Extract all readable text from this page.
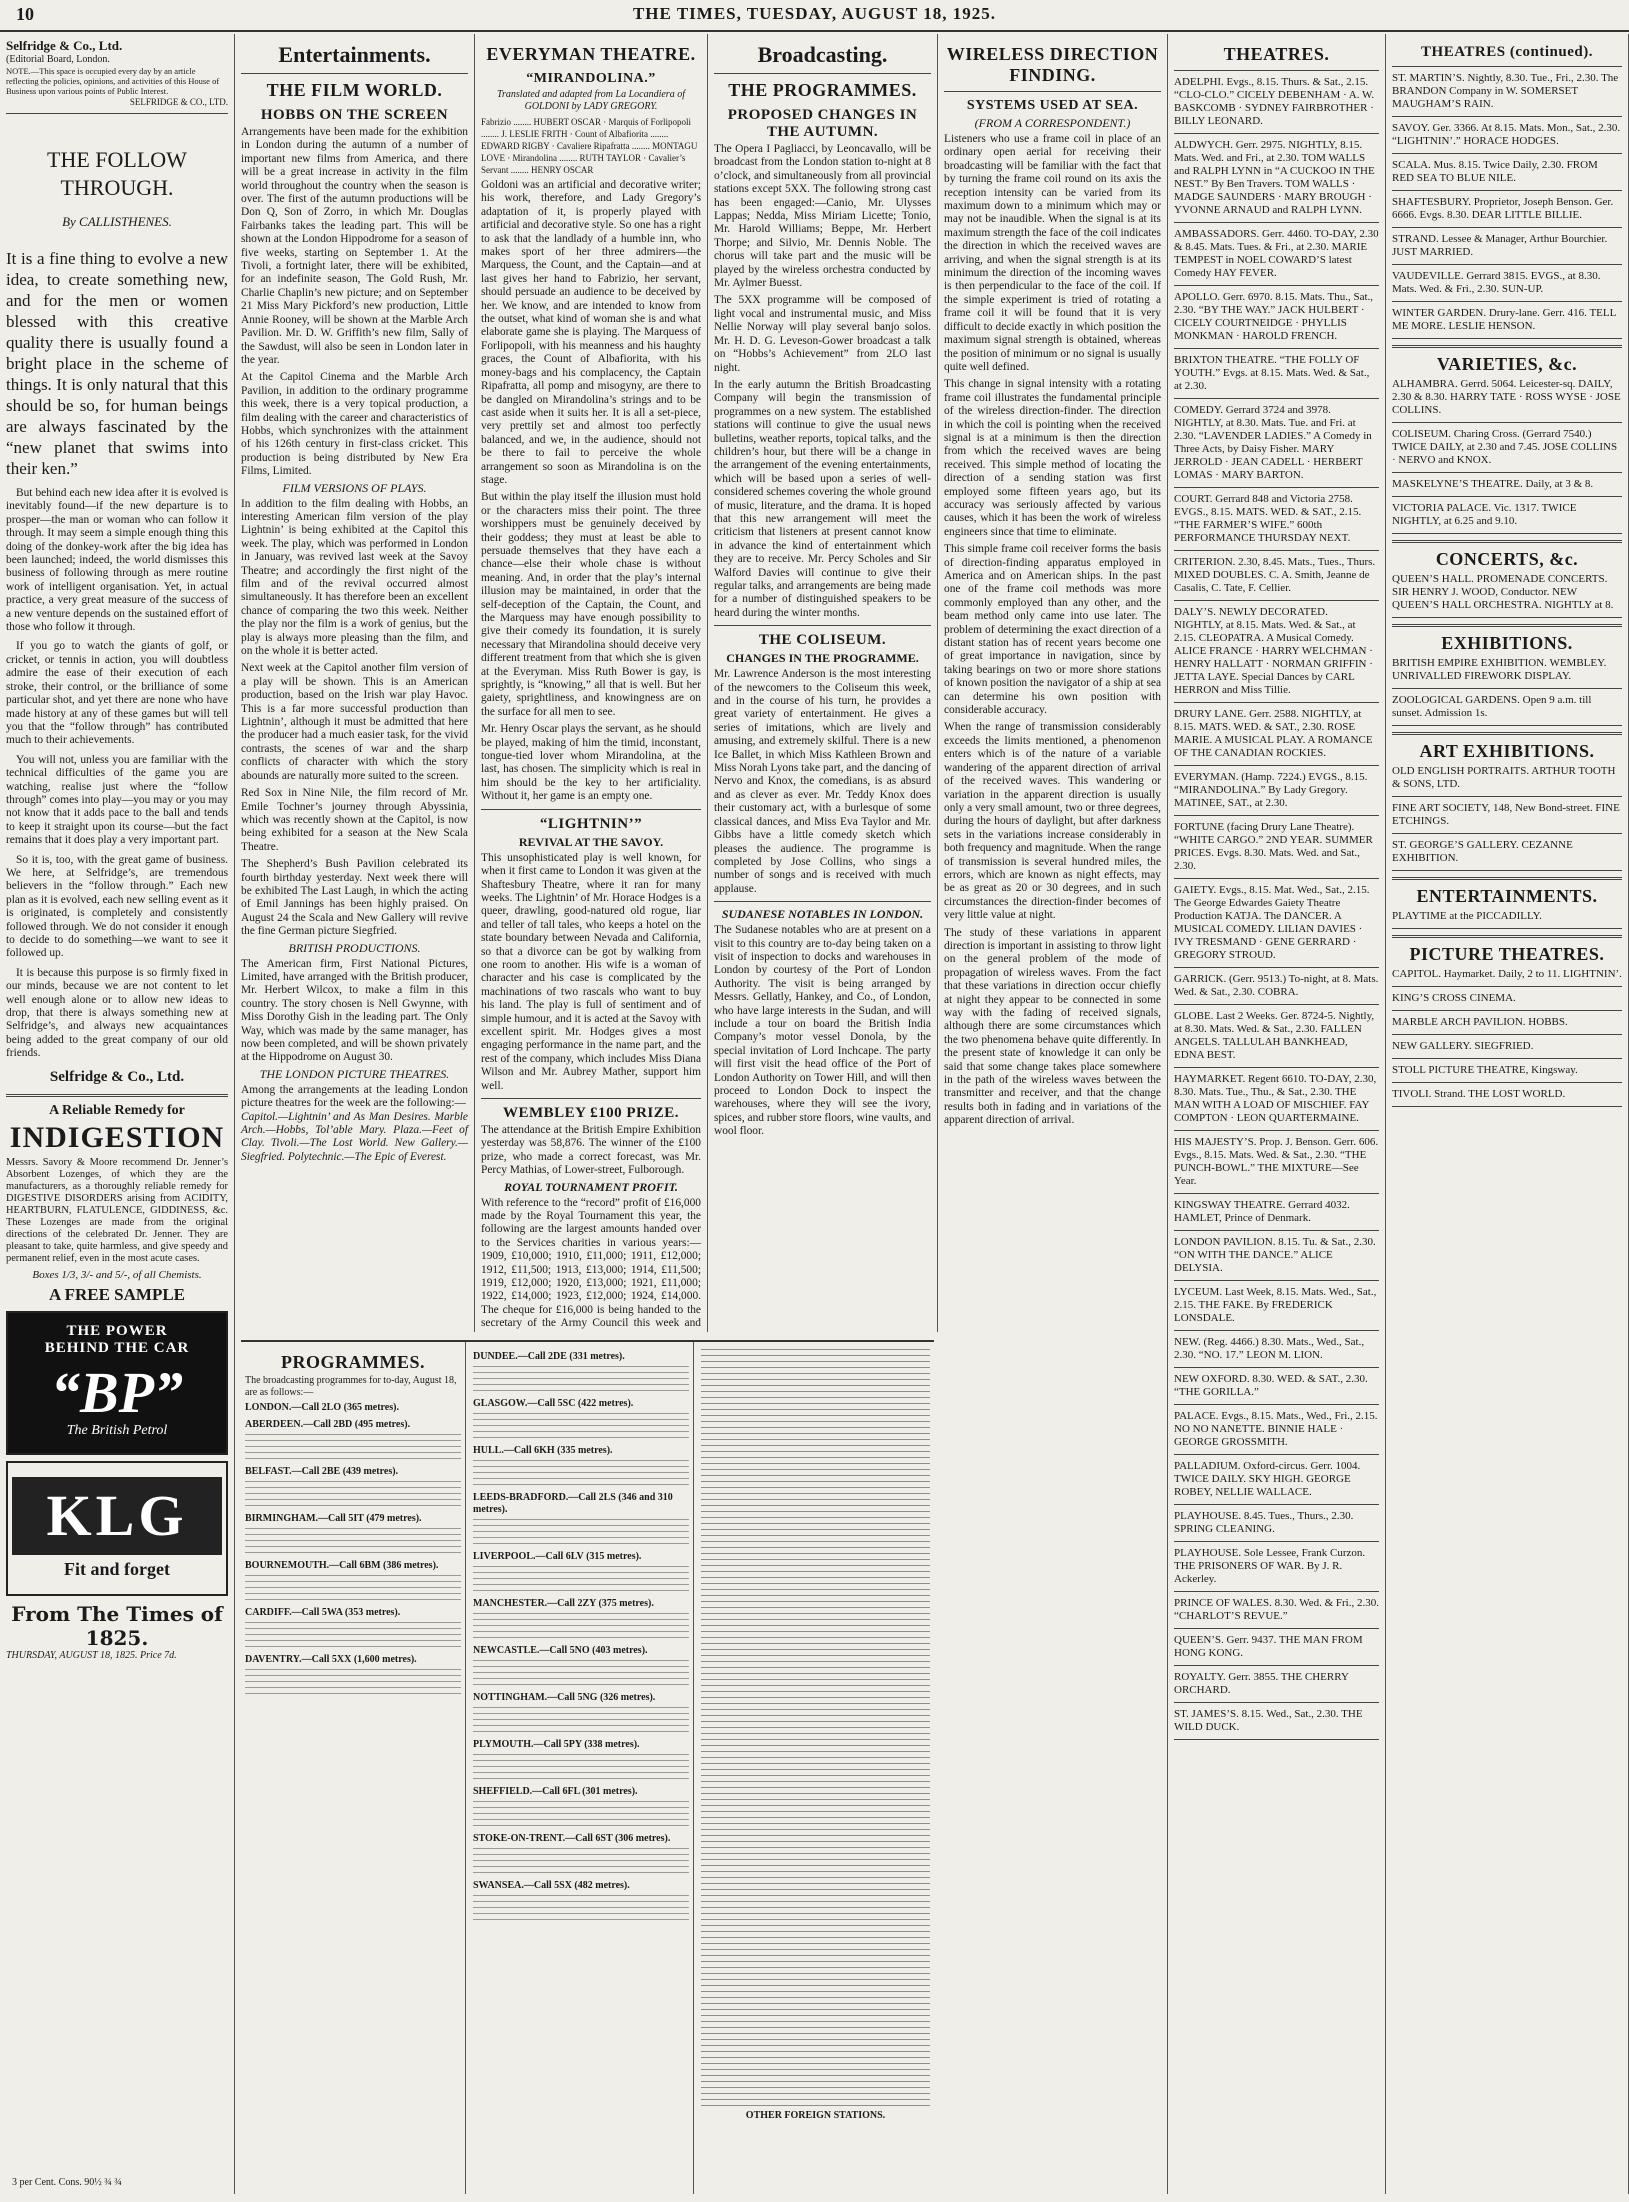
10	THE TIMES, TUESDAY, AUGUST 18, 1925.
Selfridge & Co., Ltd.
(Editorial Board, London.
NOTE.—This space is occupied every day by an article reflecting the policies, opinions, and activities of this House of Business upon various points of Public Interest.
SELFRIDGE & CO., LTD.
THE FOLLOW THROUGH.
By CALLISTHENES.
It is a fine thing to evolve a new idea, to create something new, and for the men or women blessed with this creative quality there is usually found a bright place in the scheme of things. It is only natural that this should be so, for human beings are always fascinated by the “new planet that swims into their ken.”
But behind each new idea after it is evolved is inevitably found—if the new departure is to prosper—the man or woman who can follow it through. It may seem a simple enough thing this doing of the donkey-work after the big idea has been launched; indeed, the world dismisses this business of following through as mere routine work of intelligent organisation. Yet, in actual practice, a very great measure of the success of a new venture depends on the sustained effort of those who follow it through.
If you go to watch the giants of golf, or cricket, or tennis in action, you will doubtless admire the ease of their execution of each stroke, their control, or the brilliance of some particular shot, and yet there are none who have made history at any of these games but will tell you that the “follow through” has contributed much to their achievements.
You will not, unless you are familiar with the technical difficulties of the game you are watching, realise just where the “follow through” comes into play—you may or you may not know that it adds pace to the ball and tends to keep it straight upon its course—but the fact remains that it does play a very important part.
So it is, too, with the great game of business. We here, at Selfridge’s, are tremendous believers in the “follow through.” Each new plan as it is evolved, each new selling event as it is originated, is completely and consistently followed through. We do not consider it enough to decide to do something—we want to see it followed up.
It is because this purpose is so firmly fixed in our minds, because we are not content to let well enough alone or to allow new ideas to drop, that there is always something new at Selfridge’s, and always new acquaintances being added to the great company of our old friends.
Selfridge & Co., Ltd.
A Reliable Remedy for
INDIGESTION
Messrs. Savory & Moore recommend Dr. Jenner’s Absorbent Lozenges, of which they are the manufacturers, as a thoroughly reliable remedy for DIGESTIVE DISORDERS arising from ACIDITY, HEARTBURN, FLATULENCE, GIDDINESS, &c. These Lozenges are made from the original directions of the celebrated Dr. Jenner. They are pleasant to take, quite harmless, and give speedy and permanent relief, even in the most acute cases.
Boxes 1/3, 3/- and 5/-, of all Chemists.
A FREE SAMPLE
THE POWER
BEHIND THE CAR
“BP”
The British Petrol
KLG
Fit and forget
From The Times of 1825.
THURSDAY, AUGUST 18, 1825. Price 7d.
3 per Cent. Cons. 90½ ¾ ¾
Entertainments.
THE FILM WORLD.
HOBBS ON THE SCREEN
Arrangements have been made for the exhibition in London during the autumn of a number of important new films from America, and there will be a great increase in activity in the film world throughout the country when the season is over. The first of the autumn productions will be Don Q, Son of Zorro, in which Mr. Douglas Fairbanks takes the leading part. This will be shown at the London Hippodrome for a season of five weeks, starting on September 1. At the Tivoli, a fortnight later, there will be exhibited, for an indefinite season, The Gold Rush, Mr. Charlie Chaplin’s new picture; and on September 21 Miss Mary Pickford’s new production, Little Annie Rooney, will be shown at the Marble Arch Pavilion. Mr. D. W. Griffith’s new film, Sally of the Sawdust, will also be seen in London later in the year.
At the Capitol Cinema and the Marble Arch Pavilion, in addition to the ordinary programme this week, there is a very topical production, a film dealing with the career and characteristics of Hobbs, which synchronizes with the attainment of his 126th century in first-class cricket. This production is being distributed by New Era Films, Limited.
FILM VERSIONS OF PLAYS.
In addition to the film dealing with Hobbs, an interesting American film version of the play Lightnin’ is being exhibited at the Capitol this week. The play, which was performed in London in January, was revived last week at the Savoy Theatre; and accordingly the first night of the film and of the revival occurred almost simultaneously. It has therefore been an excellent chance of comparing the two this week. Neither the play nor the film is a work of genius, but the play is always more pleasing than the film, and on the whole it is better acted.
Next week at the Capitol another film version of a play will be shown. This is an American production, based on the Irish war play Havoc. This is a far more successful production than Lightnin’, although it must be admitted that here the producer had a much easier task, for the vivid contrasts, the scenes of war and the sharp conflicts of character with which the story abounds are naturally more suited to the screen.
Red Sox in Nine Nile, the film record of Mr. Emile Tochner’s journey through Abyssinia, which was recently shown at the Capitol, is now being exhibited for a season at the New Scala Theatre.
The Shepherd’s Bush Pavilion celebrated its fourth birthday yesterday. Next week there will be exhibited The Last Laugh, in which the acting of Emil Jannings has been highly praised. On August 24 the Scala and New Gallery will revive the fine German picture Siegfried.
BRITISH PRODUCTIONS.
The American firm, First National Pictures, Limited, have arranged with the British producer, Mr. Herbert Wilcox, to make a film in this country. The story chosen is Nell Gwynne, with Miss Dorothy Gish in the leading part. The Only Way, which was made by the same manager, has now been completed, and will be shown privately at the Hippodrome on August 30.
THE LONDON PICTURE THEATRES.
Among the arrangements at the leading London picture theatres for the week are the following:—
Capitol.—Lightnin’ and As Man Desires. Marble Arch.—Hobbs, Tol’able Mary. Plaza.—Feet of Clay. Tivoli.—The Lost World. New Gallery.—Siegfried. Polytechnic.—The Epic of Everest.
EVERYMAN THEATRE.
“MIRANDOLINA.”
Translated and adapted from La Locandiera of GOLDONI by LADY GREGORY.
Fabrizio ........ HUBERT OSCAR · Marquis of Forlipopoli ........ J. LESLIE FRITH · Count of Albafiorita ........ EDWARD RIGBY · Cavaliere Ripafratta ........ MONTAGU LOVE · Mirandolina ........ RUTH TAYLOR · Cavalier’s Servant ........ HENRY OSCAR
Goldoni was an artificial and decorative writer; his work, therefore, and Lady Gregory’s adaptation of it, is properly played with artificial and decorative style. So one has a right to ask that the landlady of a humble inn, who makes sport of her three admirers—the Marquess, the Count, and the Captain—and at last gives her hand to Fabrizio, her servant, should persuade an audience to be deceived by her. We know, and are intended to know from the outset, what kind of woman she is and what elaborate game she is playing. The Marquess of Forlipopoli, with his meanness and his haughty graces, the Count of Albafiorita, with his money-bags and his complacency, the Captain Ripafratta, all pomp and misogyny, are there to be dangled on Mirandolina’s strings and to be cast aside when it suits her. It is all a set-piece, very prettily set and almost too perfectly balanced, and we, in the audience, should not be there to fail to perceive the whole arrangement so soon as Mirandolina is on the stage.
But within the play itself the illusion must hold or the characters miss their point. The three worshippers must be genuinely deceived by their goddess; they must at least be able to persuade themselves that they have each a chance—else their whole chase is without meaning. And, in order that the play’s internal illusion may be maintained, in order that the self-deception of the Captain, the Count, and the Marquess may have enough possibility to give their comedy its foundation, it is surely necessary that Mirandolina should deceive very different treatment from that which she is given at the Everyman. Miss Ruth Bower is gay, is sprightly, is “knowing,” all that is well. But her gaiety, sprightliness, and knowingness are on the surface for all men to see.
Mr. Henry Oscar plays the servant, as he should be played, making of him the timid, inconstant, tongue-tied lover whom Mirandolina, at the last, has chosen. The simplicity which is real in him should be the key to her artificiality. Without it, her game is an empty one.
“LIGHTNIN’”
REVIVAL AT THE SAVOY.
This unsophisticated play is well known, for when it first came to London it was given at the Shaftesbury Theatre, where it ran for many weeks. The Lightnin’ of Mr. Horace Hodges is a queer, drawling, good-natured old rogue, liar and teller of tall tales, who keeps a hotel on the state boundary between Nevada and California, so that a divorce can be got by walking from one room to another. His wife is a woman of character and his case is complicated by the machinations of two rascals who want to buy his land. The play is full of sentiment and of simple humour, and it is acted at the Savoy with excellent spirit. Mr. Hodges gives a most engaging performance in the name part, and the rest of the company, which includes Miss Diana Wilson and Mr. Aubrey Mather, support him well.
WEMBLEY £100 PRIZE.
The attendance at the British Empire Exhibition yesterday was 58,876. The winner of the £100 prize, who made a correct forecast, was Mr. Percy Mathias, of Lower-street, Fulborough.
ROYAL TOURNAMENT PROFIT.
With reference to the “record” profit of £16,000 made by the Royal Tournament this year, the following are the largest amounts handed over to the Services charities in various years:—1909, £10,000; 1910, £11,000; 1911, £12,000; 1912, £11,500; 1913, £13,000; 1914, £11,500; 1919, £12,000; 1920, £13,000; 1921, £11,000; 1922, £14,000; 1923, £12,000; 1924, £14,000. The cheque for £16,000 is being handed to the secretary of the Army Council this week and
Broadcasting.
THE PROGRAMMES.
PROPOSED CHANGES IN THE AUTUMN.
The Opera I Pagliacci, by Leoncavallo, will be broadcast from the London station to-night at 8 o’clock, and simultaneously from all provincial stations except 5XX. The following strong cast has been engaged:—Canio, Mr. Ulysses Lappas; Nedda, Miss Miriam Licette; Tonio, Mr. Harold Williams; Beppe, Mr. Herbert Thorpe; and Silvio, Mr. Dennis Noble. The chorus will take part and the music will be played by the wireless orchestra conducted by Mr. Aylmer Buesst.
The 5XX programme will be composed of light vocal and instrumental music, and Miss Nellie Norway will play several banjo solos. Mr. H. D. G. Leveson-Gower broadcast a talk on “Hobbs’s Achievement” from 2LO last night.
In the early autumn the British Broadcasting Company will begin the transmission of programmes on a new system. The established stations will continue to give the usual news bulletins, weather reports, topical talks, and the children’s hour, but there will be a change in the arrangement of the evening entertainments, which will be based upon a series of well-considered schemes covering the whole ground of music, literature, and the drama. It is hoped that this new arrangement will meet the criticism that listeners at present cannot know in advance the kind of entertainment which they are to receive. Mr. Percy Scholes and Sir Walford Davies will continue to give their regular talks, and arrangements are being made for a number of distinguished speakers to be heard during the winter months.
THE COLISEUM.
CHANGES IN THE PROGRAMME.
Mr. Lawrence Anderson is the most interesting of the newcomers to the Coliseum this week, and in the course of his turn, he provides a great variety of entertainment. He gives a series of imitations, which are lively and amusing, and extremely skilful. There is a new Ice Ballet, in which Miss Kathleen Brown and Miss Norah Lyons take part, and the dancing of Nervo and Knox, the comedians, is as absurd and as clever as ever. Mr. Teddy Knox does their customary act, with a burlesque of some classical dances, and Miss Eva Taylor and Mr. Gibbs have a little comedy sketch which pleases the audience. The programme is completed by Jose Collins, who sings a number of songs and is received with much applause.
SUDANESE NOTABLES IN LONDON.
The Sudanese notables who are at present on a visit to this country are to-day being taken on a visit of inspection to docks and warehouses in London by courtesy of the Port of London Authority. The visit is being arranged by Messrs. Gellatly, Hankey, and Co., of London, who have large interests in the Sudan, and will include a tour on board the British India Company’s motor vessel Donola, by the special invitation of Lord Inchcape. The party will first visit the head office of the Port of London Authority on Tower Hill, and will then proceed to London Dock to inspect the warehouses, where they will see the ivory, spices, and rubber store floors, wine vaults, and wool floor.
WIRELESS DIRECTION FINDING.
SYSTEMS USED AT SEA.
(FROM A CORRESPONDENT.)
Listeners who use a frame coil in place of an ordinary open aerial for receiving their broadcasting will be familiar with the fact that by turning the frame coil round on its axis the reception intensity can be varied from its maximum down to a minimum which may or may not be inaudible. When the signal is at its maximum strength the face of the coil indicates the direction in which the received waves are arriving, and when the signal strength is at its minimum the direction of the incoming waves is then perpendicular to the face of the coil. If the simple experiment is tried of rotating a frame coil it will be found that it is very difficult to decide exactly in which position the maximum signal strength is obtained, whereas the position of minimum or no signal is usually quite well defined.
This change in signal intensity with a rotating frame coil illustrates the fundamental principle of the wireless direction-finder. The direction in which the coil is pointing when the received signal is at a minimum is then the direction from which the received waves are being received. This simple method of locating the direction of a sending station was first employed some fifteen years ago, but its accuracy was seriously affected by various causes, which it has been the work of wireless engineers since that time to eliminate.
This simple frame coil receiver forms the basis of direction-finding apparatus employed in America and on American ships. In the past one of the frame coil methods was more commonly employed than any other, and the beam method only came into use later. The problem of determining the exact direction of a distant station has of recent years become one of great importance in navigation, since by taking bearings on two or more shore stations of known position the navigator of a ship at sea can determine his own position with considerable accuracy.
When the range of transmission considerably exceeds the limits mentioned, a phenomenon enters which is of the nature of a variable wandering of the apparent direction of arrival of the received waves. This wandering or variation in the apparent direction is usually only a very small amount, two or three degrees, during the hours of daylight, but after darkness sets in the variations increase considerably in both frequency and magnitude. When the range of transmission is several hundred miles, the errors, which are known as night effects, may be as great as 20 or 30 degrees, and in such circumstances the direction-finder becomes of very little value at night.
The study of these variations in apparent direction is important in assisting to throw light on the general problem of the mode of propagation of wireless waves. From the fact that these variations in direction occur chiefly at night they appear to be connected in some way with the fading of received signals, although there are some circumstances which the two phenomena behave quite differently. In the present state of knowledge it can only be said that some change takes place somewhere in the path of the wireless waves between the transmitter and receiver, and that the change results both in fading and in variations of the apparent direction of arrival.
THEATRES.
ADELPHI. Evgs., 8.15. Thurs. & Sat., 2.15. “CLO-CLO.” CICELY DEBENHAM · A. W. BASKCOMB · SYDNEY FAIRBROTHER · BILLY LEONARD.
ALDWYCH. Gerr. 2975. NIGHTLY, 8.15. Mats. Wed. and Fri., at 2.30. TOM WALLS and RALPH LYNN in “A CUCKOO IN THE NEST.” By Ben Travers. TOM WALLS · MADGE SAUNDERS · MARY BROUGH · YVONNE ARNAUD and RALPH LYNN.
AMBASSADORS. Gerr. 4460. TO-DAY, 2.30 & 8.45. Mats. Tues. & Fri., at 2.30. MARIE TEMPEST in NOEL COWARD’S latest Comedy HAY FEVER.
APOLLO. Gerr. 6970. 8.15. Mats. Thu., Sat., 2.30. “BY THE WAY.” JACK HULBERT · CICELY COURTNEIDGE · PHYLLIS MONKMAN · HAROLD FRENCH.
BRIXTON THEATRE. “THE FOLLY OF YOUTH.” Evgs. at 8.15. Mats. Wed. & Sat., at 2.30.
COMEDY. Gerrard 3724 and 3978. NIGHTLY, at 8.30. Mats. Tue. and Fri. at 2.30. “LAVENDER LADIES.” A Comedy in Three Acts, by Daisy Fisher. MARY JERROLD · JEAN CADELL · HERBERT LOMAS · MARY BARTON.
COURT. Gerrard 848 and Victoria 2758. EVGS., 8.15. MATS. WED. & SAT., 2.15. “THE FARMER’S WIFE.” 600th PERFORMANCE THURSDAY NEXT.
CRITERION. 2.30, 8.45. Mats., Tues., Thurs. MIXED DOUBLES. C. A. Smith, Jeanne de Casalis, C. Tate, F. Cellier.
DALY’S. NEWLY DECORATED. NIGHTLY, at 8.15. Mats. Wed. & Sat., at 2.15. CLEOPATRA. A Musical Comedy. ALICE FRANCE · HARRY WELCHMAN · HENRY HALLATT · NORMAN GRIFFIN · JETTA LAYE. Special Dances by CARL HERRON and Miss Tillie.
DRURY LANE. Gerr. 2588. NIGHTLY, at 8.15. MATS. WED. & SAT., 2.30. ROSE MARIE. A MUSICAL PLAY. A ROMANCE OF THE CANADIAN ROCKIES.
EVERYMAN. (Hamp. 7224.) EVGS., 8.15. “MIRANDOLINA.” By Lady Gregory. MATINEE, SAT., at 2.30.
FORTUNE (facing Drury Lane Theatre). “WHITE CARGO.” 2ND YEAR. SUMMER PRICES. Evgs. 8.30. Mats. Wed. and Sat., 2.30.
GAIETY. Evgs., 8.15. Mat. Wed., Sat., 2.15. The George Edwardes Gaiety Theatre Production KATJA. The DANCER. A MUSICAL COMEDY. LILIAN DAVIES · IVY TRESMAND · GENE GERRARD · GREGORY STROUD.
GARRICK. (Gerr. 9513.) To-night, at 8. Mats. Wed. & Sat., 2.30. COBRA.
GLOBE. Last 2 Weeks. Ger. 8724-5. Nightly, at 8.30. Mats. Wed. & Sat., 2.30. FALLEN ANGELS. TALLULAH BANKHEAD, EDNA BEST.
HAYMARKET. Regent 6610. TO-DAY, 2.30, 8.30. Mats. Tue., Thu., & Sat., 2.30. THE MAN WITH A LOAD OF MISCHIEF. FAY COMPTON · LEON QUARTERMAINE.
HIS MAJESTY’S. Prop. J. Benson. Gerr. 606. Evgs., 8.15. Mats. Wed. & Sat., 2.30. “THE PUNCH-BOWL.” THE MIXTURE—See Year.
KINGSWAY THEATRE. Gerrard 4032. HAMLET, Prince of Denmark.
LONDON PAVILION. 8.15. Tu. & Sat., 2.30. “ON WITH THE DANCE.” ALICE DELYSIA.
LYCEUM. Last Week, 8.15. Mats. Wed., Sat., 2.15. THE FAKE. By FREDERICK LONSDALE.
NEW. (Reg. 4466.) 8.30. Mats., Wed., Sat., 2.30. “NO. 17.” LEON M. LION.
NEW OXFORD. 8.30. WED. & SAT., 2.30. “THE GORILLA.”
PALACE. Evgs., 8.15. Mats., Wed., Fri., 2.15. NO NO NANETTE. BINNIE HALE · GEORGE GROSSMITH.
PALLADIUM. Oxford-circus. Gerr. 1004. TWICE DAILY. SKY HIGH. GEORGE ROBEY, NELLIE WALLACE.
PLAYHOUSE. 8.45. Tues., Thurs., 2.30. SPRING CLEANING.
PLAYHOUSE. Sole Lessee, Frank Curzon. THE PRISONERS OF WAR. By J. R. Ackerley.
PRINCE OF WALES. 8.30. Wed. & Fri., 2.30. “CHARLOT’S REVUE.”
QUEEN’S. Gerr. 9437. THE MAN FROM HONG KONG.
ROYALTY. Gerr. 3855. THE CHERRY ORCHARD.
ST. JAMES’S. 8.15. Wed., Sat., 2.30. THE WILD DUCK.
THEATRES (continued).
ST. MARTIN’S. Nightly, 8.30. Tue., Fri., 2.30. The BRANDON Company in W. SOMERSET MAUGHAM’S RAIN.
SAVOY. Ger. 3366. At 8.15. Mats. Mon., Sat., 2.30. “LIGHTNIN’.” HORACE HODGES.
SCALA. Mus. 8.15. Twice Daily, 2.30. FROM RED SEA TO BLUE NILE.
SHAFTESBURY. Proprietor, Joseph Benson. Ger. 6666. Evgs. 8.30. DEAR LITTLE BILLIE.
STRAND. Lessee & Manager, Arthur Bourchier. JUST MARRIED.
VAUDEVILLE. Gerrard 3815. EVGS., at 8.30. Mats. Wed. & Fri., 2.30. SUN-UP.
WINTER GARDEN. Drury-lane. Gerr. 416. TELL ME MORE. LESLIE HENSON.
VARIETIES, &c.
ALHAMBRA. Gerrd. 5064. Leicester-sq. DAILY, 2.30 & 8.30. HARRY TATE · ROSS WYSE · JOSE COLLINS.
COLISEUM. Charing Cross. (Gerrard 7540.) TWICE DAILY, at 2.30 and 7.45. JOSE COLLINS · NERVO and KNOX.
MASKELYNE’S THEATRE. Daily, at 3 & 8.
VICTORIA PALACE. Vic. 1317. TWICE NIGHTLY, at 6.25 and 9.10.
CONCERTS, &c.
QUEEN’S HALL. PROMENADE CONCERTS. SIR HENRY J. WOOD, Conductor. NEW QUEEN’S HALL ORCHESTRA. NIGHTLY at 8.
EXHIBITIONS.
BRITISH EMPIRE EXHIBITION. WEMBLEY. UNRIVALLED FIREWORK DISPLAY.
ZOOLOGICAL GARDENS. Open 9 a.m. till sunset. Admission 1s.
ART EXHIBITIONS.
OLD ENGLISH PORTRAITS. ARTHUR TOOTH & SONS, LTD.
FINE ART SOCIETY, 148, New Bond-street. FINE ETCHINGS.
ST. GEORGE’S GALLERY. CEZANNE EXHIBITION.
ENTERTAINMENTS.
PLAYTIME at the PICCADILLY.
PICTURE THEATRES.
CAPITOL. Haymarket. Daily, 2 to 11. LIGHTNIN’.
KING’S CROSS CINEMA.
MARBLE ARCH PAVILION. HOBBS.
NEW GALLERY. SIEGFRIED.
STOLL PICTURE THEATRE, Kingsway.
TIVOLI. Strand. THE LOST WORLD.
PROGRAMMES.
The broadcasting programmes for to-day, August 18, are as follows:—
LONDON.—Call 2LO (365 metres).
ABERDEEN.—Call 2BD (495 metres).
BELFAST.—Call 2BE (439 metres).
BIRMINGHAM.—Call 5IT (479 metres).
BOURNEMOUTH.—Call 6BM (386 metres).
CARDIFF.—Call 5WA (353 metres).
DAVENTRY.—Call 5XX (1,600 metres).
DUNDEE.—Call 2DE (331 metres).
GLASGOW.—Call 5SC (422 metres).
HULL.—Call 6KH (335 metres).
LEEDS-BRADFORD.—Call 2LS (346 and 310 metres).
LIVERPOOL.—Call 6LV (315 metres).
MANCHESTER.—Call 2ZY (375 metres).
NEWCASTLE.—Call 5NO (403 metres).
NOTTINGHAM.—Call 5NG (326 metres).
PLYMOUTH.—Call 5PY (338 metres).
SHEFFIELD.—Call 6FL (301 metres).
STOKE-ON-TRENT.—Call 6ST (306 metres).
SWANSEA.—Call 5SX (482 metres).
OTHER FOREIGN STATIONS.
